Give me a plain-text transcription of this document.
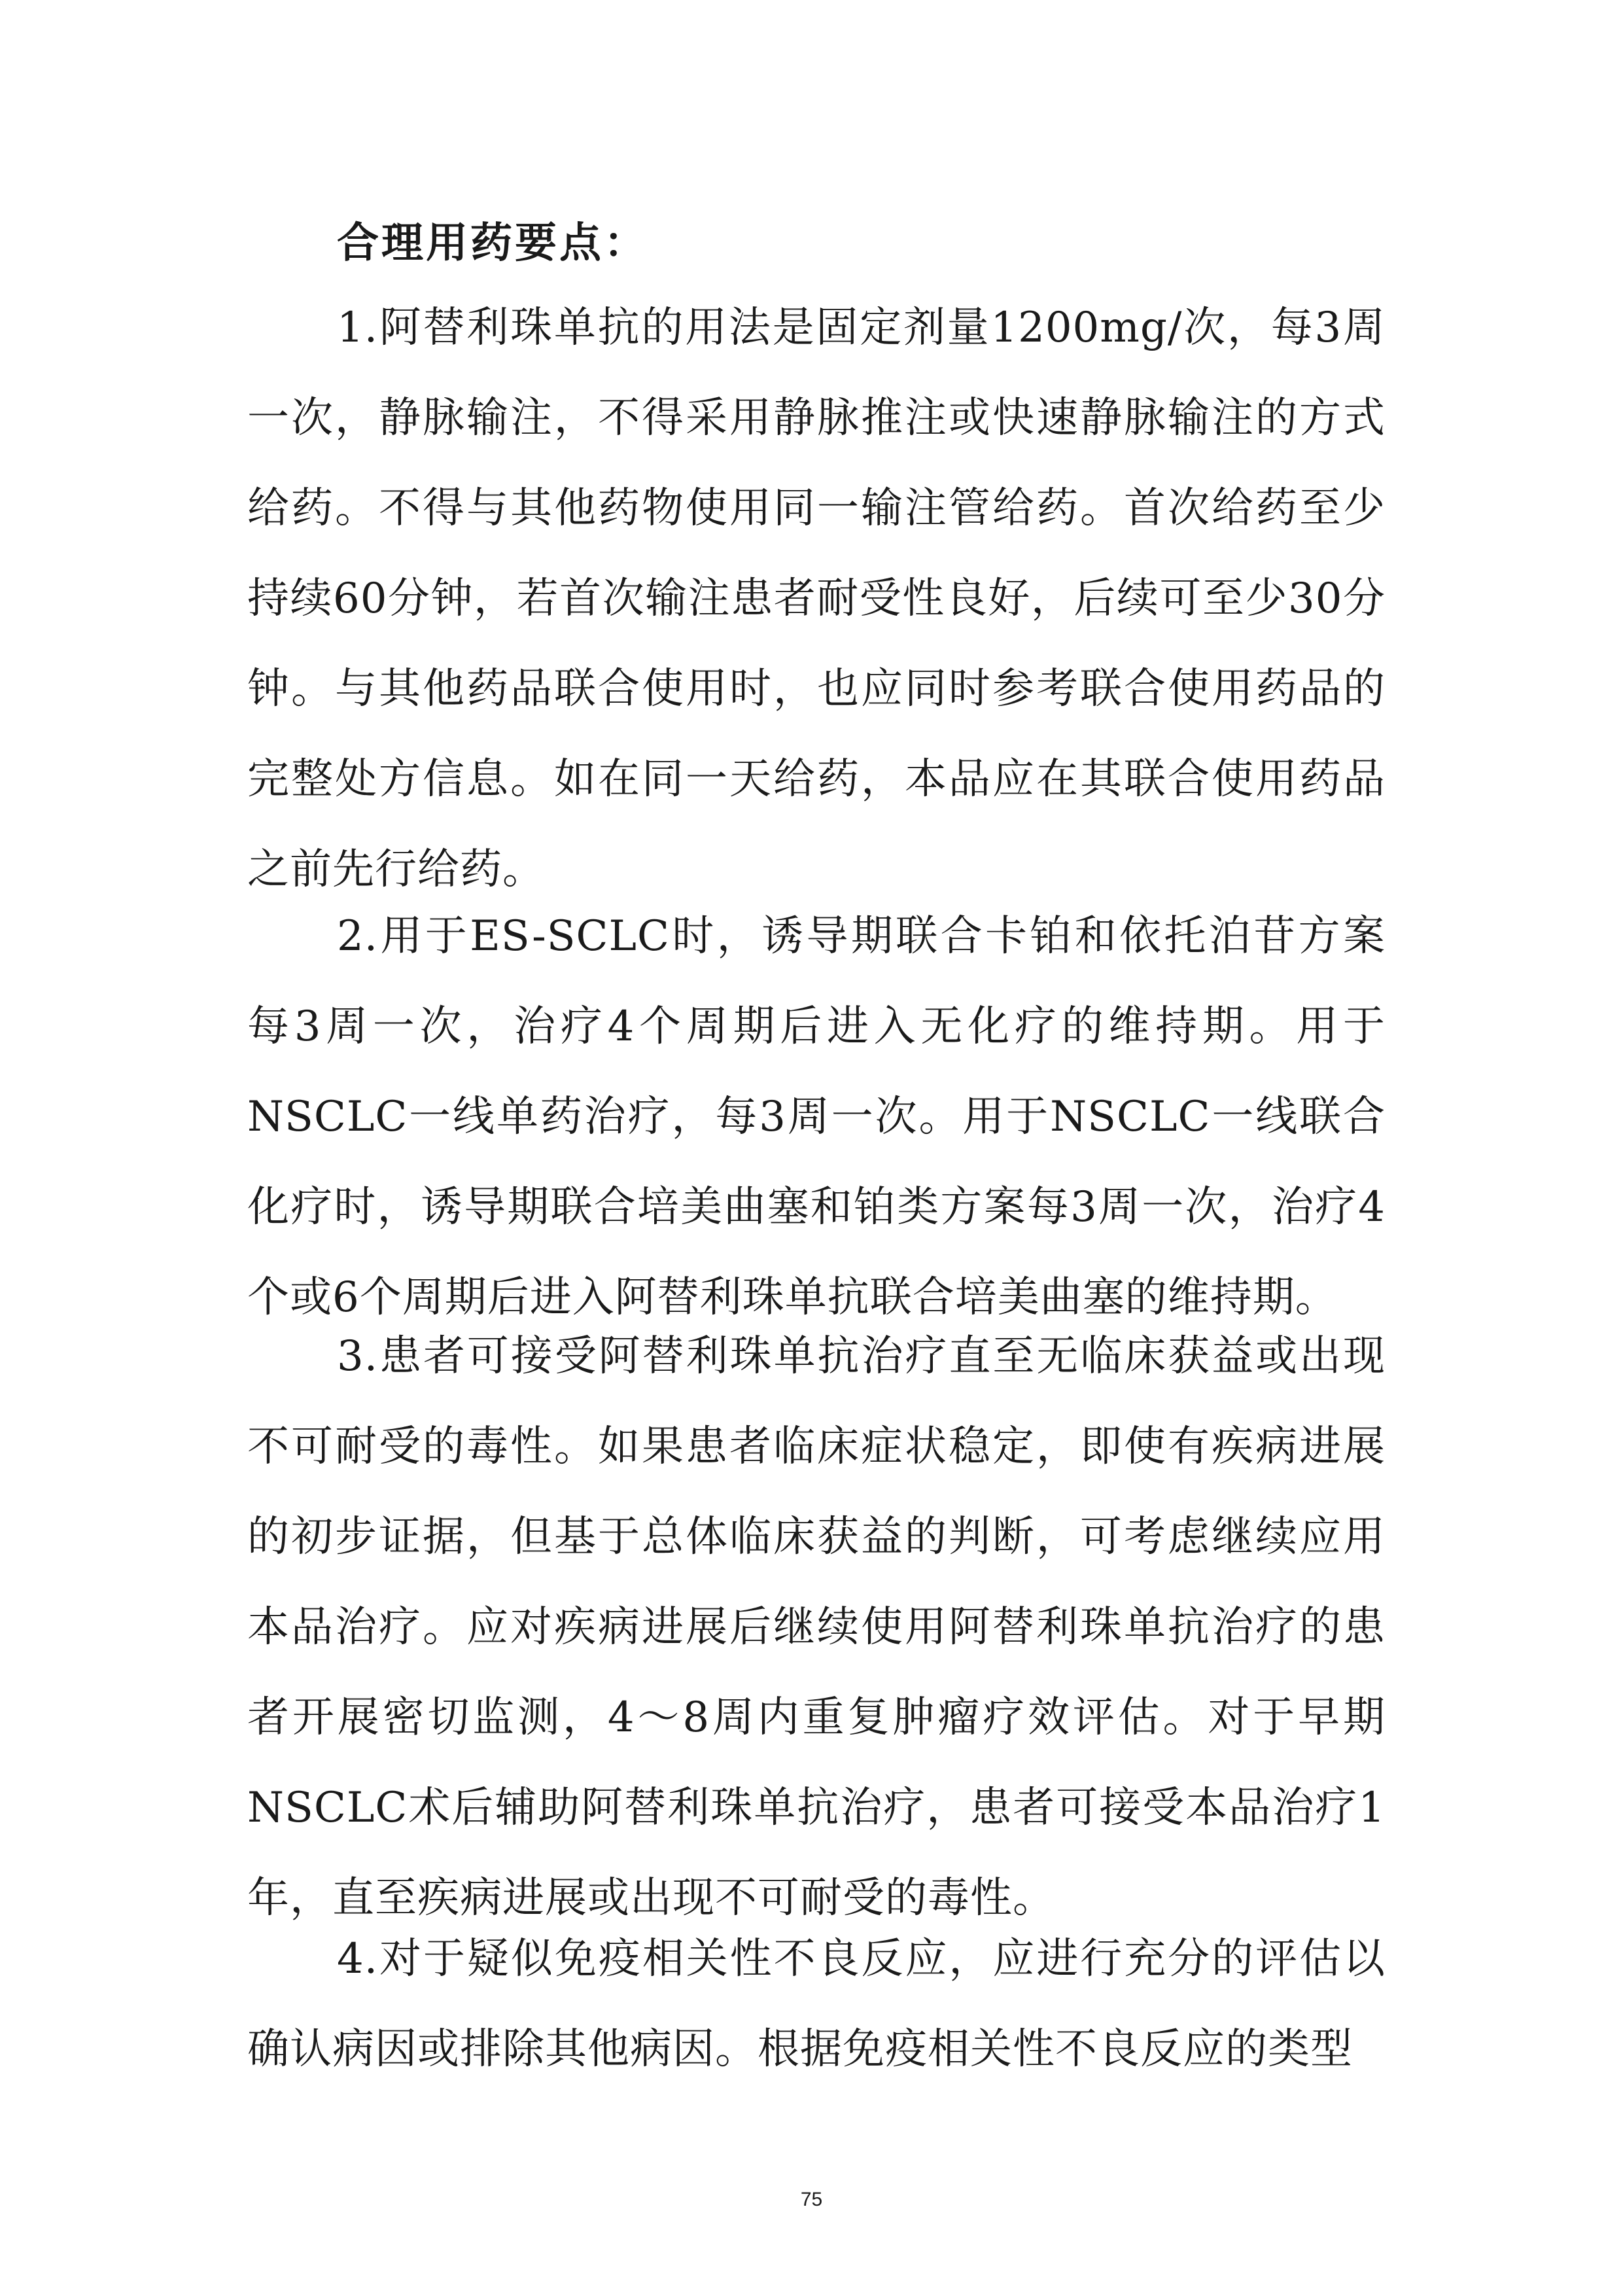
合理用药要点：

1.阿替利珠单抗的用法是固定剂量1200mg/次，每3周一次，静脉输注，不得采用静脉推注或快速静脉输注的方式给药。不得与其他药物使用同一输注管给药。首次给药至少持续60分钟，若首次输注患者耐受性良好，后续可至少30分钟。与其他药品联合使用时，也应同时参考联合使用药品的完整处方信息。如在同一天给药，本品应在其联合使用药品之前先行给药。

2.用于ES-SCLC时，诱导期联合卡铂和依托泊苷方案每3周一次，治疗4个周期后进入无化疗的维持期。用于NSCLC一线单药治疗，每3周一次。用于NSCLC一线联合化疗时，诱导期联合培美曲塞和铂类方案每3周一次，治疗4个或6个周期后进入阿替利珠单抗联合培美曲塞的维持期。

3.患者可接受阿替利珠单抗治疗直至无临床获益或出现不可耐受的毒性。如果患者临床症状稳定，即使有疾病进展的初步证据，但基于总体临床获益的判断，可考虑继续应用本品治疗。应对疾病进展后继续使用阿替利珠单抗治疗的患者开展密切监测，4～8周内重复肿瘤疗效评估。对于早期NSCLC术后辅助阿替利珠单抗治疗，患者可接受本品治疗1年，直至疾病进展或出现不可耐受的毒性。

4.对于疑似免疫相关性不良反应，应进行充分的评估以确认病因或排除其他病因。根据免疫相关性不良反应的类型

75
